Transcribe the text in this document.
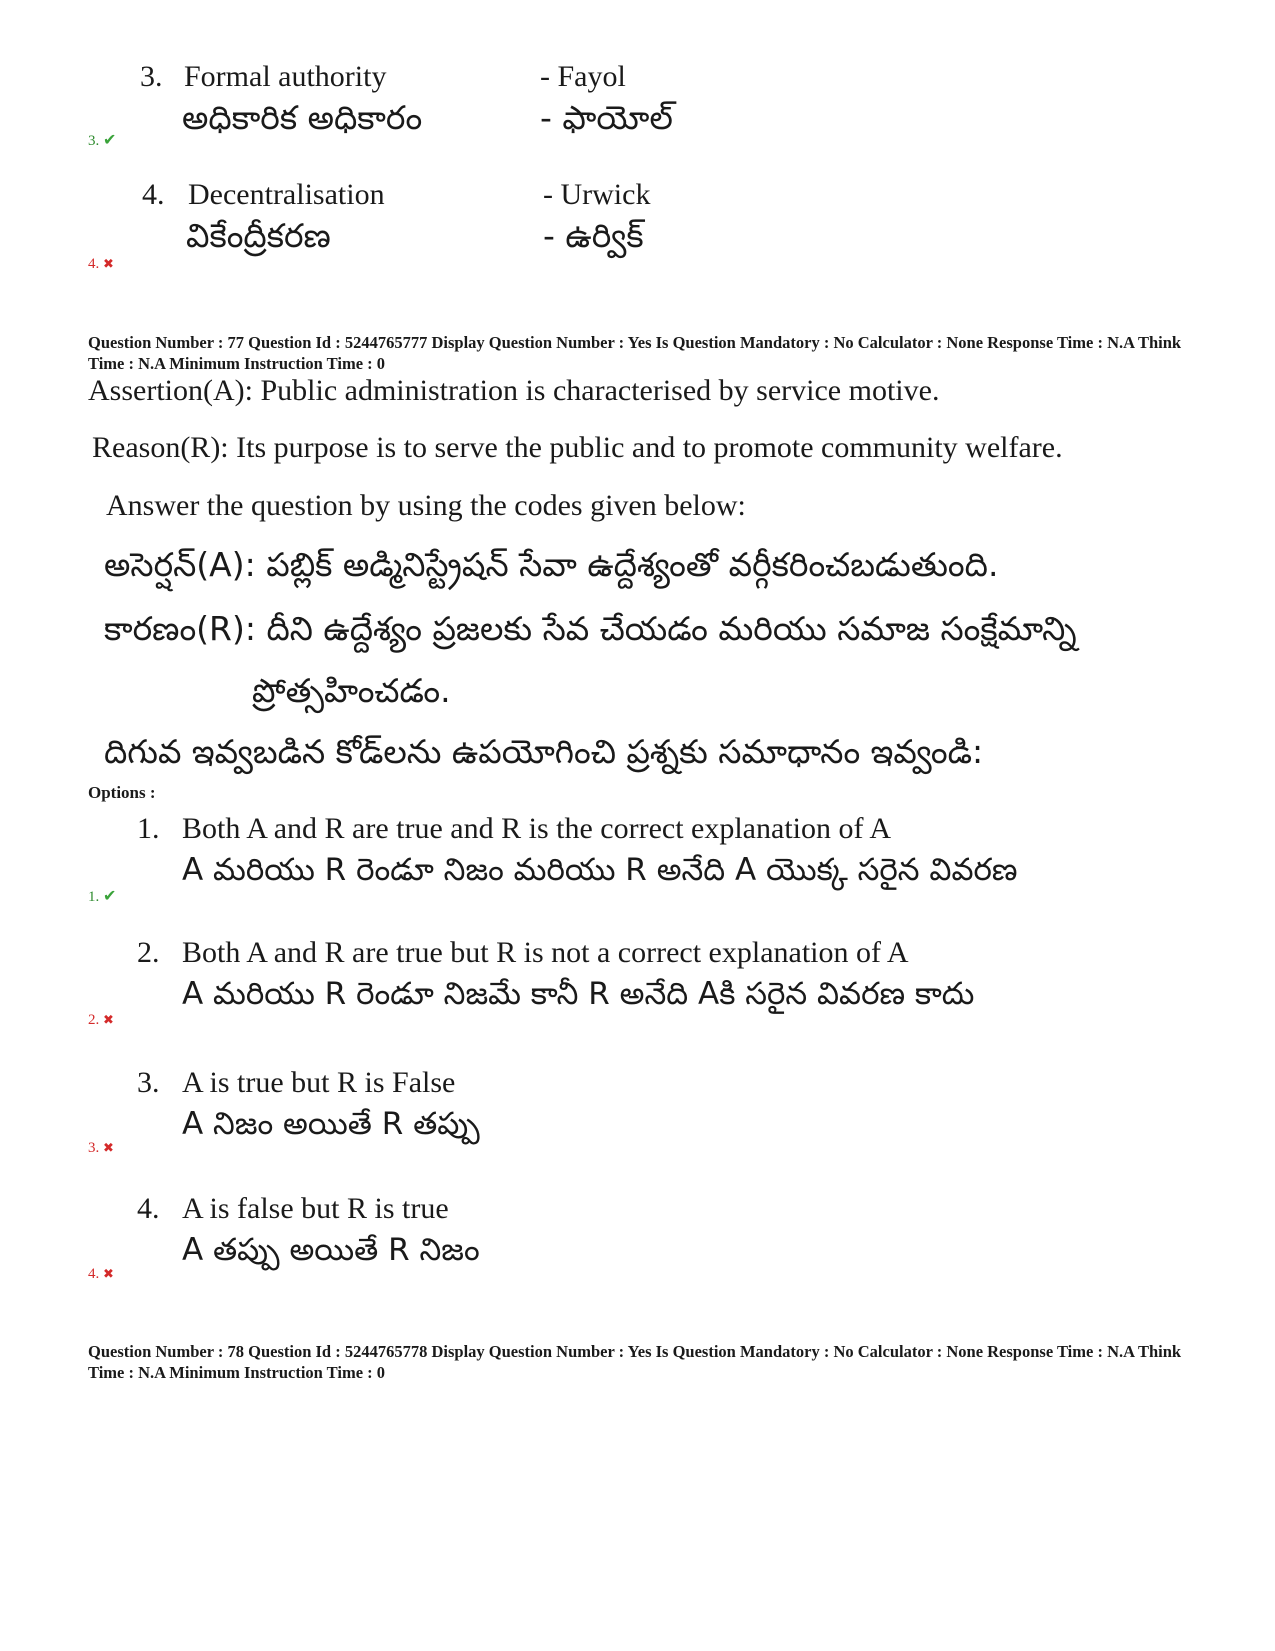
3. Formal authority	- Fayol
అధికారిక అధికారం	- ఫాయోల్
3. ✔
4. Decentralisation	- Urwick
వికేంద్రీకరణ	- ఉర్విక్
4. ✖
Question Number : 77 Question Id : 5244765777 Display Question Number : Yes Is Question Mandatory : No Calculator : None Response Time : N.A Think Time : N.A Minimum Instruction Time : 0
Assertion(A): Public administration is characterised by service motive.
Reason(R): Its purpose is to serve the public and to promote community welfare.
Answer the question by using the codes given below:
అసెర్షన్(A): పబ్లిక్ అడ్మినిస్ట్రేషన్ సేవా ఉద్దేశ్యంతో వర్గీకరించబడుతుంది.
కారణం(R): దీని ఉద్దేశ్యం ప్రజలకు సేవ చేయడం మరియు సమాజ సంక్షేమాన్ని
ప్రోత్సహించడం.
దిగువ ఇవ్వబడిన కోడ్‌లను ఉపయోగించి ప్రశ్నకు సమాధానం ఇవ్వండి:
Options :
1. Both A and R are true and R is the correct explanation of A
A మరియు R రెండూ నిజం మరియు R అనేది A యొక్క సరైన వివరణ
1. ✔
2. Both A and R are true but R is not a correct explanation of A
A మరియు R రెండూ నిజమే కానీ R అనేది Aకి సరైన వివరణ కాదు
2. ✖
3. A is true but R is False
A నిజం అయితే R తప్పు
3. ✖
4. A is false but R is true
A తప్పు అయితే R నిజం
4. ✖
Question Number : 78 Question Id : 5244765778 Display Question Number : Yes Is Question Mandatory : No Calculator : None Response Time : N.A Think Time : N.A Minimum Instruction Time : 0
